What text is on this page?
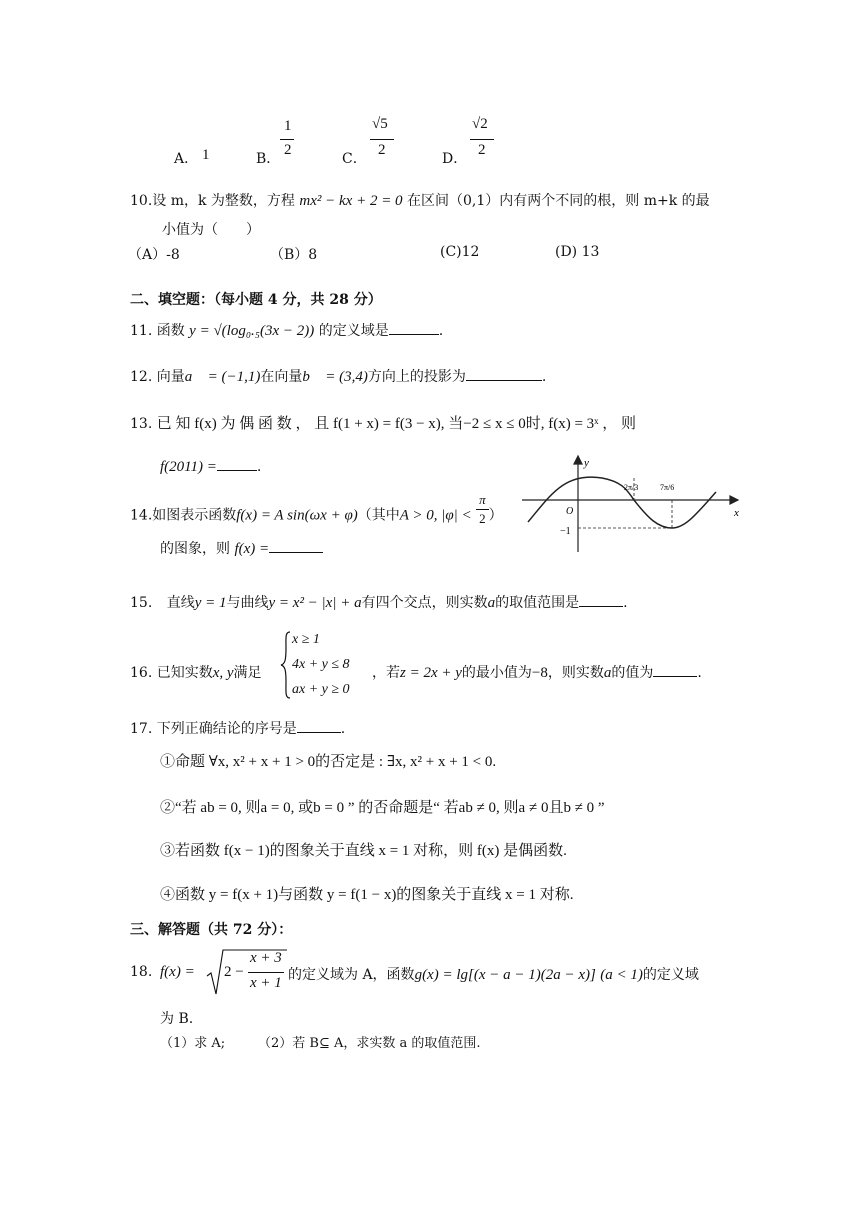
A． 1	B．
1
2
C．
√5
2
D．
√2
2
10.设 m，k 为整数，方程 mx² − kx + 2 = 0 在区间（0,1）内有两个不同的根，则 m+k 的最
小值为（　　）
（A）-8	（B）8	(C)12	(D) 13
二、填空题：（每小题 4 分，共 28 分）
11. 函数 y = √(log₀.₅(3x − 2)) 的定义域是	.
12. 向量a⃗ = (−1,1)在向量b⃗ = (3,4)方向上的投影为	.
13. 已 知 f(x) 为 偶 函 数 ， 且 f(1 + x) = f(3 − x), 当−2 ≤ x ≤ 0时, f(x) = 3ˣ ， 则
f(2011) =	.
14.如图表示函数f(x) = A sin(ωx + φ)（其中A > 0, $|\varphi| < \frac{\pi}{2}$ ）
的图象，则 f(x) =
y
x
O
2π/3	7π/6
−1
15. 直线y = 1与曲线y = x² − |x| + a有四个交点，则实数a的取值范围是	.
16. 已知实数x, y满足
x ≥ 1
4x + y ≤ 8
ax + y ≥ 0
，若z = 2x + y的最小值为−8，则实数a的值为	.
17. 下列正确结论的序号是	.
①命题 ∀x, x² + x + 1 > 0的否定是 : ∃x, x² + x + 1 < 0.
②“若 ab = 0, 则a = 0, 或b = 0 ” 的否命题是“ 若ab ≠ 0, 则a ≠ 0且b ≠ 0 ”
③若函数 f(x − 1)的图象关于直线 x = 1 对称，则 f(x) 是偶函数.
④函数 y = f(x + 1)与函数 y = f(1 − x)的图象关于直线 x = 1 对称.
三、解答题（共 72 分）：
18. f(x) = 2 −
x + 3
x + 1 的定义域为 A，函数g(x) = lg[(x − a − 1)(2a − x)] (a < 1)的定义域
为 B.
（1）求 A;	（2）若 B⊆ A，求实数 a 的取值范围.
